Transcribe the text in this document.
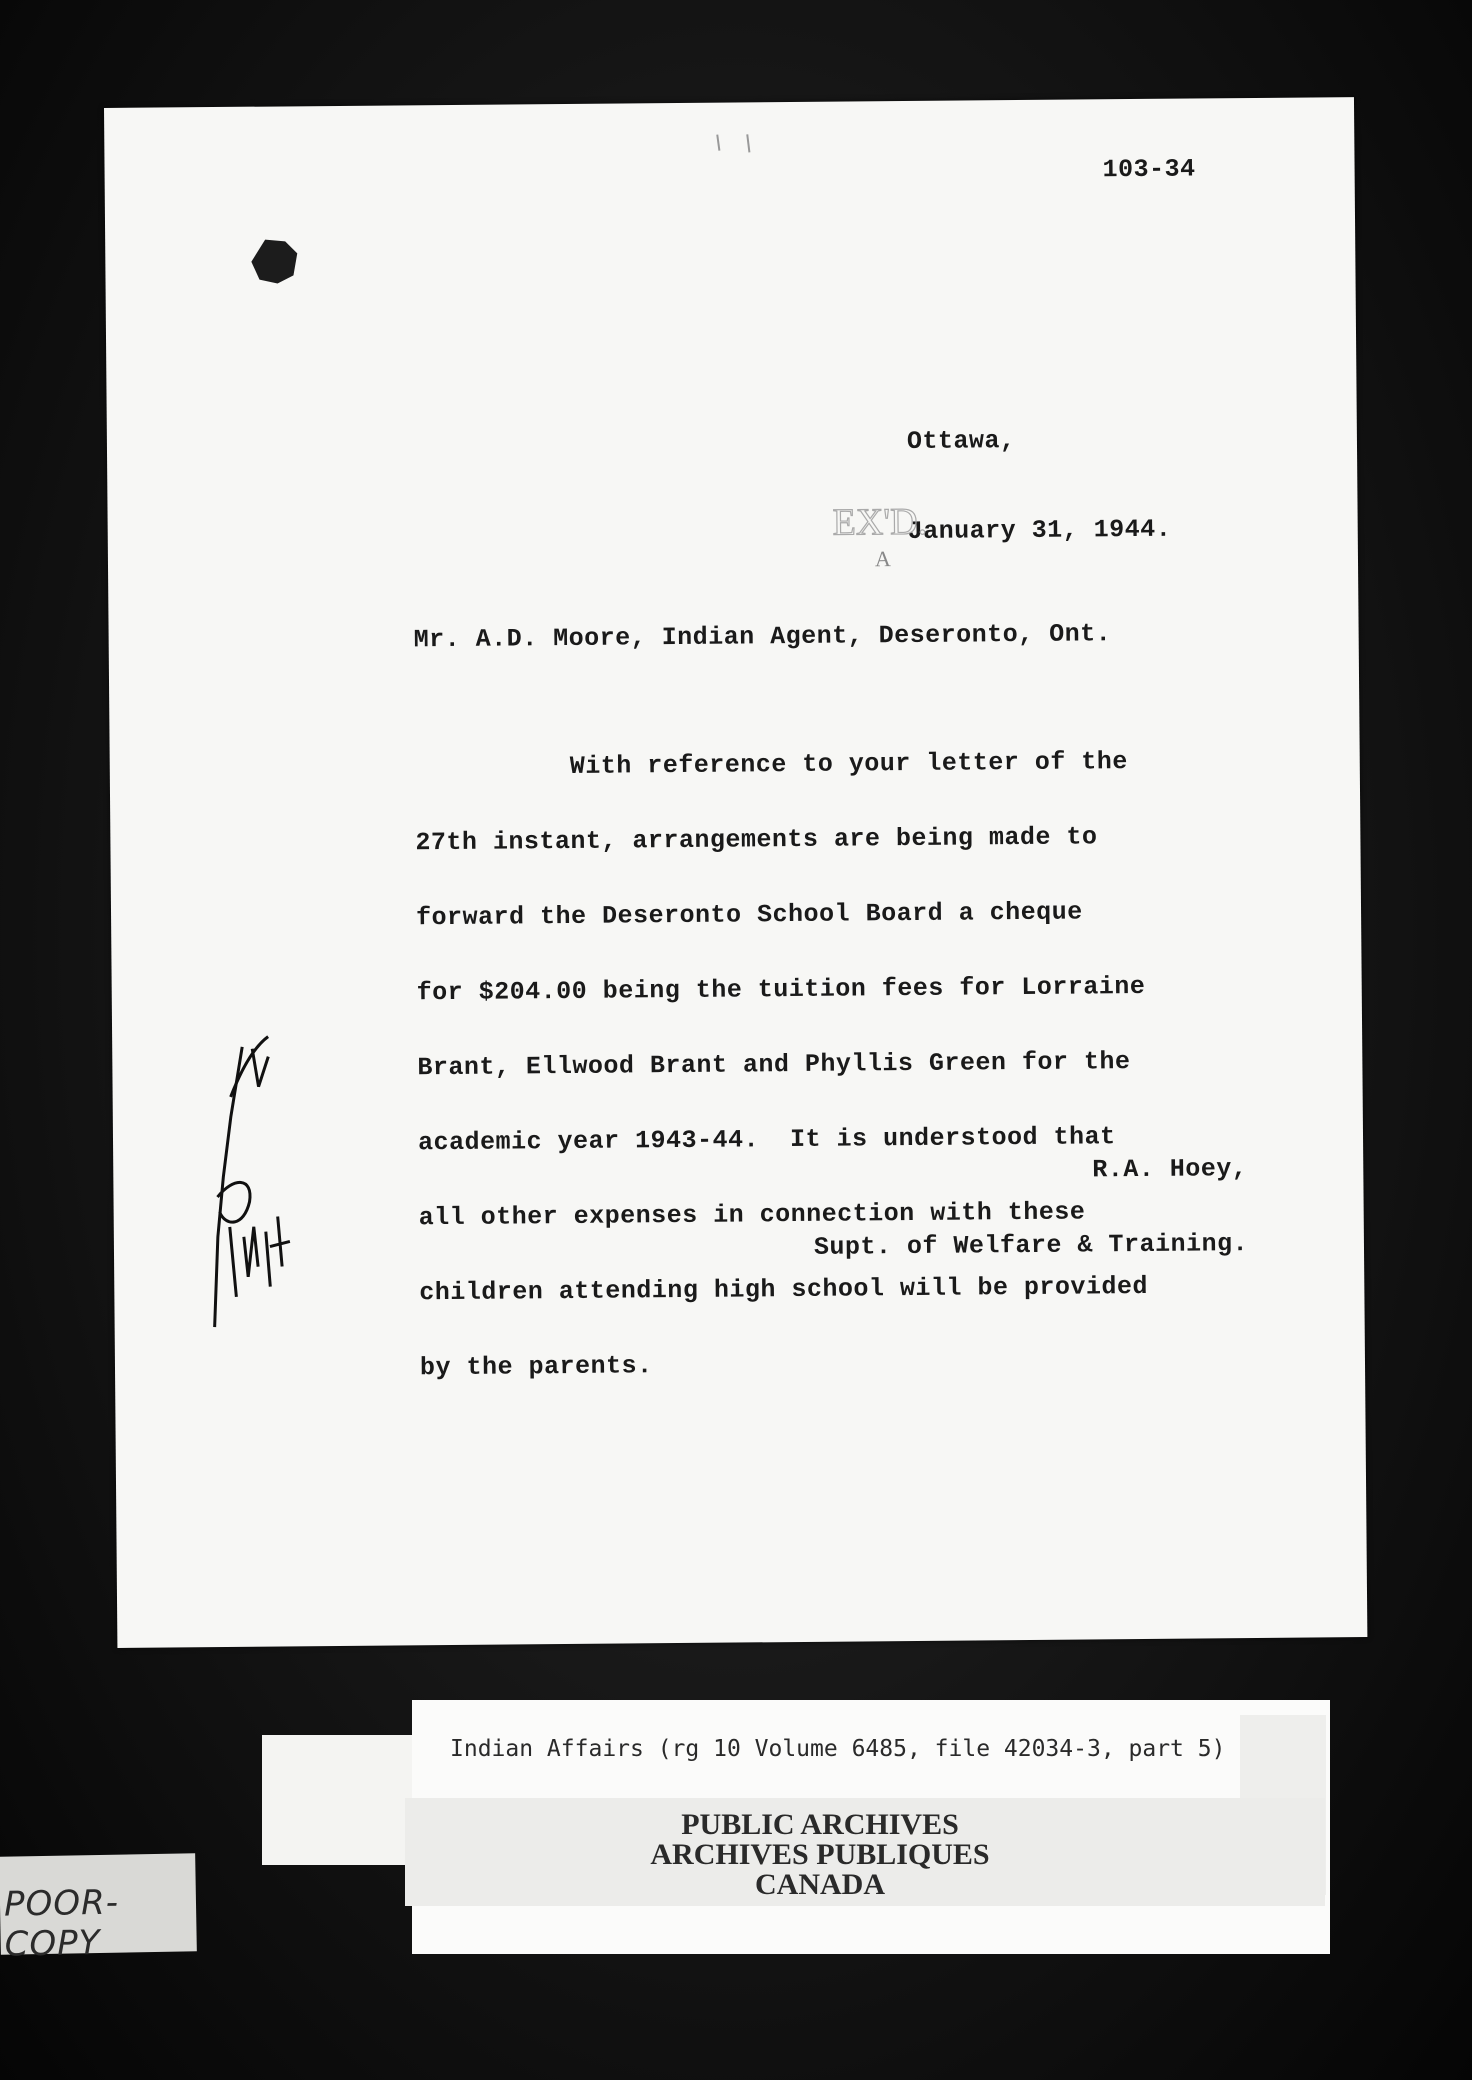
103-34

Ottawa,

January 31, 1944.

EX'D.
A
Mr. A.D. Moore, Indian Agent, Deseronto, Ont.

With reference to your letter of the

27th instant, arrangements are being made to

forward the Deseronto School Board a cheque

for $204.00 being the tuition fees for Lorraine

Brant, Ellwood Brant and Phyllis Green for the

academic year 1943-44.  It is understood that

all other expenses in connection with these

children attending high school will be provided

by the parents.

R.A. Hoey,

Supt. of Welfare & Training.

Indian Affairs (rg 10 Volume 6485, file 42034-3, part 5)
PUBLIC ARCHIVES
ARCHIVES PUBLIQUES
CANADA
POOR-COPY
